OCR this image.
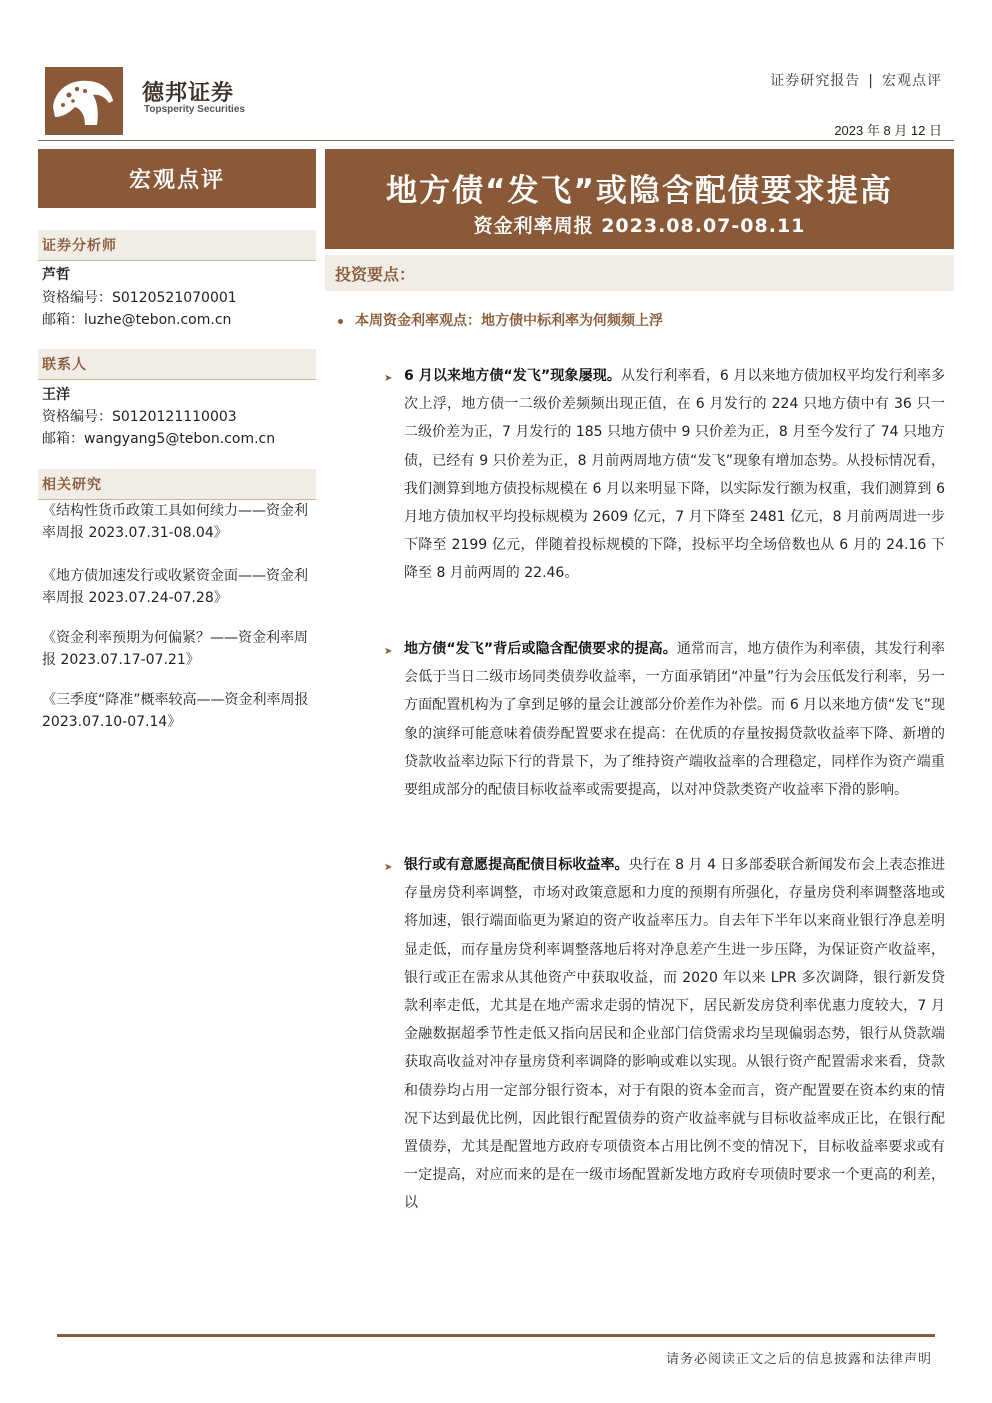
德邦证券
Topsperity Securities
证券研究报告 | 宏观点评
2023 年 8 月 12 日
宏观点评
证券分析师
芦哲
资格编号：S0120521070001
邮箱：luzhe@tebon.com.cn
联系人
王洋
资格编号：S0120121110003
邮箱：wangyang5@tebon.com.cn
相关研究
《结构性货币政策工具如何续力——资金利率周报 2023.07.31-08.04》
《地方债加速发行或收紧资金面——资金利率周报 2023.07.24-07.28》
《资金利率预期为何偏紧？——资金利率周报 2023.07.17-07.21》
《三季度“降准”概率较高——资金利率周报 2023.07.10-07.14》
地方债“发飞”或隐含配债要求提高
资金利率周报 2023.08.07-08.11
投资要点：
本周资金利率观点：地方债中标利率为何频频上浮
➤ 6 月以来地方债“发飞”现象屡现。从发行利率看，6 月以来地方债加权平均发行利率多次上浮，地方债一二级价差频频出现正值，在 6 月发行的 224 只地方债中有 36 只一二级价差为正，7 月发行的 185 只地方债中 9 只价差为正，8 月至今发行了 74 只地方债，已经有 9 只价差为正，8 月前两周地方债“发飞”现象有增加态势。从投标情况看，我们测算到地方债投标规模在 6 月以来明显下降，以实际发行额为权重，我们测算到 6 月地方债加权平均投标规模为 2609 亿元，7 月下降至 2481 亿元，8 月前两周进一步下降至 2199 亿元，伴随着投标规模的下降，投标平均全场倍数也从 6 月的 24.16 下降至 8 月前两周的 22.46。
➤ 地方债“发飞”背后或隐含配债要求的提高。通常而言，地方债作为利率债，其发行利率会低于当日二级市场同类债券收益率，一方面承销团“冲量”行为会压低发行利率，另一方面配置机构为了拿到足够的量会让渡部分价差作为补偿。而 6 月以来地方债“发飞”现象的演绎可能意味着债券配置要求在提高：在优质的存量按揭贷款收益率下降、新增的贷款收益率边际下行的背景下，为了维持资产端收益率的合理稳定，同样作为资产端重要组成部分的配债目标收益率或需要提高，以对冲贷款类资产收益率下滑的影响。
➤ 银行或有意愿提高配债目标收益率。央行在 8 月 4 日多部委联合新闻发布会上表态推进存量房贷利率调整，市场对政策意愿和力度的预期有所强化，存量房贷利率调整落地或将加速，银行端面临更为紧迫的资产收益率压力。自去年下半年以来商业银行净息差明显走低，而存量房贷利率调整落地后将对净息差产生进一步压降，为保证资产收益率，银行或正在需求从其他资产中获取收益，而 2020 年以来 LPR 多次调降，银行新发贷款利率走低，尤其是在地产需求走弱的情况下，居民新发房贷利率优惠力度较大，7 月金融数据超季节性走低又指向居民和企业部门信贷需求均呈现偏弱态势，银行从贷款端获取高收益对冲存量房贷利率调降的影响或难以实现。从银行资产配置需求来看，贷款和债券均占用一定部分银行资本，对于有限的资本金而言，资产配置要在资本约束的情况下达到最优比例，因此银行配置债券的资产收益率就与目标收益率成正比，在银行配置债券，尤其是配置地方政府专项债资本占用比例不变的情况下，目标收益率要求或有一定提高，对应而来的是在一级市场配置新发地方政府专项债时要求一个更高的利差，以
请务必阅读正文之后的信息披露和法律声明
